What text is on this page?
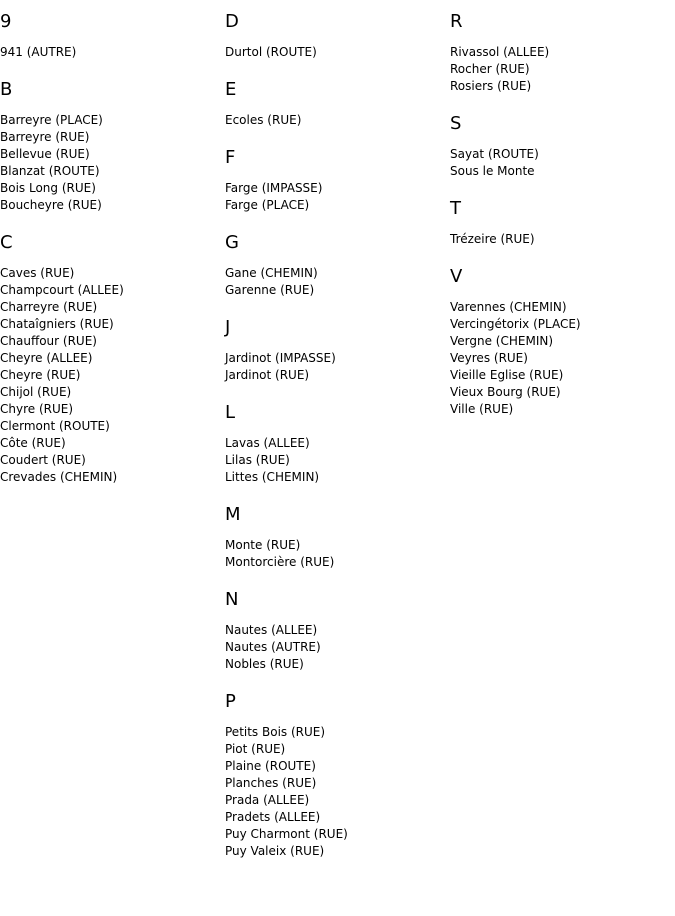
9
941 (AUTRE)
B
Barreyre (PLACE)
Barreyre (RUE)
Bellevue (RUE)
Blanzat (ROUTE)
Bois Long (RUE)
Boucheyre (RUE)
C
Caves (RUE)
Champcourt (ALLEE)
Charreyre (RUE)
Chataîgniers (RUE)
Chauffour (RUE)
Cheyre (ALLEE)
Cheyre (RUE)
Chijol (RUE)
Chyre (RUE)
Clermont (ROUTE)
Côte (RUE)
Coudert (RUE)
Crevades (CHEMIN)
D
Durtol (ROUTE)
E
Ecoles (RUE)
F
Farge (IMPASSE)
Farge (PLACE)
G
Gane (CHEMIN)
Garenne (RUE)
J
Jardinot (IMPASSE)
Jardinot (RUE)
L
Lavas (ALLEE)
Lilas (RUE)
Littes (CHEMIN)
M
Monte (RUE)
Montorcière (RUE)
N
Nautes (ALLEE)
Nautes (AUTRE)
Nobles (RUE)
P
Petits Bois (RUE)
Piot (RUE)
Plaine (ROUTE)
Planches (RUE)
Prada (ALLEE)
Pradets (ALLEE)
Puy Charmont (RUE)
Puy Valeix (RUE)
R
Rivassol (ALLEE)
Rocher (RUE)
Rosiers (RUE)
S
Sayat (ROUTE)
Sous le Monte
T
Trézeire (RUE)
V
Varennes (CHEMIN)
Vercingétorix (PLACE)
Vergne (CHEMIN)
Veyres (RUE)
Vieille Eglise (RUE)
Vieux Bourg (RUE)
Ville (RUE)
